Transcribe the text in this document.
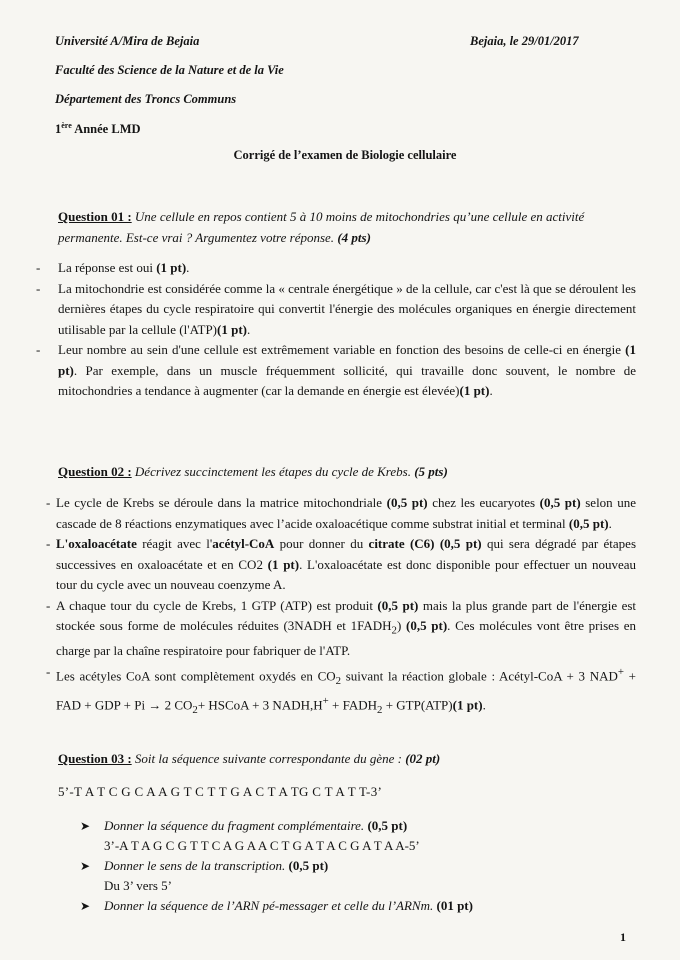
Université A/Mira de Bejaia	Bejaia, le 29/01/2017
Faculté des Science de la Nature et de la Vie
Département des Troncs Communs
1ère Année LMD
Corrigé de l’examen de Biologie cellulaire
Question 01 : Une cellule en repos contient 5 à 10 moins de mitochondries qu’une cellule en activité permanente. Est-ce vrai ? Argumentez votre réponse. (4 pts)
- La réponse est oui (1 pt).
- La mitochondrie est considérée comme la « centrale énergétique » de la cellule, car c'est là que se déroulent les dernières étapes du cycle respiratoire qui convertit l'énergie des molécules organiques en énergie directement utilisable par la cellule (l'ATP)(1 pt).
- Leur nombre au sein d'une cellule est extrêmement variable en fonction des besoins de celle-ci en énergie (1 pt). Par exemple, dans un muscle fréquemment sollicité, qui travaille donc souvent, le nombre de mitochondries a tendance à augmenter (car la demande en énergie est élevée)(1 pt).
Question 02 : Décrivez succinctement les étapes du cycle de Krebs. (5 pts)
- Le cycle de Krebs se déroule dans la matrice mitochondriale (0,5 pt) chez les eucaryotes (0,5 pt) selon une cascade de 8 réactions enzymatiques avec l’acide oxaloacétique comme substrat initial et terminal (0,5 pt).
- L'oxaloacétate réagit avec l'acétyl-CoA pour donner du citrate (C6) (0,5 pt) qui sera dégradé par étapes successives en oxaloacétate et en CO2 (1 pt). L'oxaloacétate est donc disponible pour effectuer un nouveau tour du cycle avec un nouveau coenzyme A.
- A chaque tour du cycle de Krebs, 1 GTP (ATP) est produit (0,5 pt) mais la plus grande part de l'énergie est stockée sous forme de molécules réduites (3NADH et $1FADH_2$) (0,5 pt). Ces molécules vont être prises en charge par la chaîne respiratoire pour fabriquer de l'ATP.
- Les acétyles CoA sont complètement oxydés en $CO_2$ suivant la réaction globale : Acétyl-CoA + 3 NAD+ + FAD + GDP + Pi → 2 $CO_2+$ HSCoA + 3 NADH,H+ + $FADH_2 + GTP(ATP)(1$ pt).
Question 03 : Soit la séquence suivante correspondante du gène : (02 pt)
5’-T A T C G C A A G T C T T G A C T A TG C T A T T-3’
➤ Donner la séquence du fragment complémentaire. (0,5 pt)
3’-A T A G C G T T C A G A A C T G A T A C G A T A A-5’
➤ Donner le sens de la transcription. (0,5 pt)
Du 3’ vers 5’
➤ Donner la séquence de l’ARN pé-messager et celle du l’ARNm. (01 pt)
1
